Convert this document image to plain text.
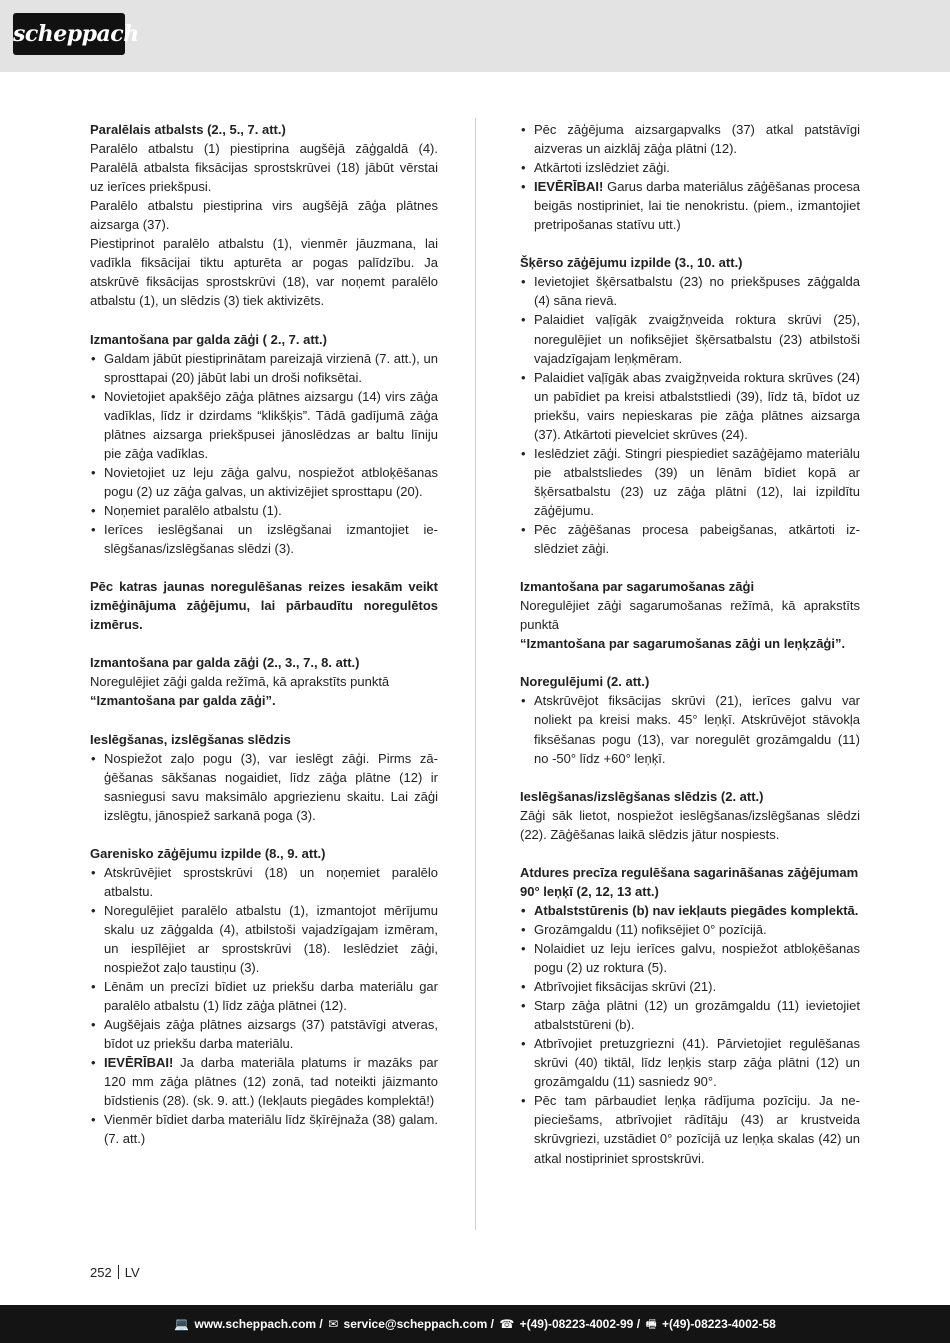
scheppach
Paralēlais atbalsts (2., 5., 7. att.)

Paralēlo atbalstu (1) piestiprina augšējā zāģgaldā (4). Paralēlā atbalsta fiksācijas sprostskrūvei (18) jābūt vērstai uz ierīces priekšpusi.

Paralēlo atbalstu piestiprina virs augšējā zāģa plātnes aizsarga (37).

Piestiprinot paralēlo atbalstu (1), vienmēr jāuzmana, lai vadīkla fiksācijai tiktu apturēta ar pogas palīdzību. Ja atskrūvē fiksācijas sprostskrūvi (18), var noņemt paralēlo atbalstu (1), un slēdzis (3) tiek aktivizēts.

Izmantošana par galda zāģi ( 2., 7. att.)
• Galdam jābūt piestiprinātam pareizajā virzienā (7. att.), un sprosttapai (20) jābūt labi un droši nofiksētai.
• Novietojiet apakšējo zāģa plātnes aizsargu (14) virs zāģa vadīklas, līdz ir dzirdams “klikšķis”. Tādā gadījumā zāģa plātnes aizsarga priekšpusei jānoslēdzas ar baltu līniju pie zāģa vadīklas.
• Novietojiet uz leju zāģa galvu, nospiežot atbloķēšanas pogu (2) uz zāģa galvas, un aktivizējiet sprosttapu (20).
• Noņemiet paralēlo atbalstu (1).
• Ierīces ieslēgšanai un izslēgšanai izmantojiet ieslēgšanas/izslēgšanas slēdzi (3).

Pēc katras jaunas noregulēšanas reizes iesakām veikt izmēģinājuma zāģējumu, lai pārbaudītu noregulētos izmērus.

Izmantošana par galda zāģi (2., 3., 7., 8. att.)

Noregulējiet zāģi galda režīmā, kā aprakstīts punktā

“Izmantošana par galda zāģi”.

Ieslēgšanas, izslēgšanas slēdzis
• Nospiežot zaļo pogu (3), var ieslēgt zāģi. Pirms zāģēšanas sākšanas nogaidiet, līdz zāģa plātne (12) ir sasniegusi savu maksimālo apgriezienu skaitu. Lai zāģi izslēgtu, jānospiež sarkanā poga (3).
Garenisko zāģējumu izpilde (8., 9. att.)
• Atskrūvējiet sprostskrūvi (18) un noņemiet paralēlo atbalstu.
• Noregulējiet paralēlo atbalstu (1), izmantojot mērījumu skalu uz zāģgalda (4), atbilstoši vajadzīgajam izmēram, un iespīlējiet ar sprostskrūvi (18). Ieslēdziet zāģi, nospiežot zaļo taustiņu (3).
• Lēnām un precīzi bīdiet uz priekšu darba materiālu gar paralēlo atbalstu (1) līdz zāģa plātnei (12).
• Augšējais zāģa plātnes aizsargs (37) patstāvīgi atveras, bīdot uz priekšu darba materiālu.
• IEVĒRĪBAI! Ja darba materiāla platums ir mazāks par 120 mm zāģa plātnes (12) zonā, tad noteikti jāizmanto bīdstienis (28). (sk. 9. att.) (Iekļauts piegādes komplektā!)
• Vienmēr bīdiet darba materiālu līdz šķīrējnaža (38) galam. (7. att.)
• Pēc zāģējuma aizsargapvalks (37) atkal patstāvīgi aizveras un aizklāj zāģa plātni (12).
• Atkārtoti izslēdziet zāģi.
• IEVĒRĪBAI! Garus darba materiālus zāģēšanas procesa beigās nostipriniet, lai tie nenokristu. (piem., izmantojiet pretripošanas statīvu utt.)
Šķērso zāģējumu izpilde (3., 10. att.)
• Ievietojiet šķērsatbalstu (23) no priekšpuses zāģgalda (4) sāna rievā.
• Palaidiet vaļīgāk zvaigžņveida roktura skrūvi (25), noregulējiet un nofiksējiet šķērsatbalstu (23) atbilstoši vajadzīgajam leņķmēram.
• Palaidiet vaļīgāk abas zvaigžņveida roktura skrūves (24) un pabīdiet pa kreisi atbalststliedi (39), līdz tā, bīdot uz priekšu, vairs nepieskaras pie zāģa plātnes aizsarga (37). Atkārtoti pievelciet skrūves (24).
• Ieslēdziet zāģi. Stingri piespiediet sazāģējamo materiālu pie atbalstsliedes (39) un lēnām bīdiet kopā ar šķērsatbalstu (23) uz zāģa plātni (12), lai izpildītu zāģējumu.
• Pēc zāģēšanas procesa pabeigšanas, atkārtoti izslēdziet zāģi.
Izmantošana par sagarumošanas zāģi

Noregulējiet zāģi sagarumošanas režīmā, kā aprakstīts punktā

“Izmantošana par sagarumošanas zāģi un leņķzāģi”.

Noregulējumi (2. att.)
• Atskrūvējot fiksācijas skrūvi (21), ierīces galvu var noliekt pa kreisi maks. 45° leņķī. Atskrūvējot stāvokļa fiksēšanas pogu (13), var noregulēt grozāmgaldu (11) no -50° līdz +60° leņķī.
Ieslēgšanas/izslēgšanas slēdzis (2. att.)

Zāģi sāk lietot, nospiežot ieslēgšanas/izslēgšanas slēdzi (22). Zāģēšanas laikā slēdzis jātur nospiests.

Atdures precīza regulēšana sagarināšanas zāģējumam 90° leņķī (2, 12, 13 att.)
• Atbalststūrenis (b) nav iekļauts piegādes komplektā.
• Grozāmgaldu (11) nofiksējiet 0° pozīcijā.
• Nolaidiet uz leju ierīces galvu, nospiežot atbloķēšanas pogu (2) uz roktura (5).
• Atbrīvojiet fiksācijas skrūvi (21).
• Starp zāģa plātni (12) un grozāmgaldu (11) ievietojiet atbalststūreni (b).
• Atbrīvojiet pretuzgriezni (41). Pārvietojiet regulēšanas skrūvi (40) tiktāl, līdz leņķis starp zāģa plātni (12) un grozāmgaldu (11) sasniedz 90°.
• Pēc tam pārbaudiet leņķa rādījuma pozīciju. Ja nepieciešams, atbrīvojiet rādītāju (43) ar krustveida skrūvgriezi, uzstādiet 0° pozīcijā uz leņķa skalas (42) un atkal nostipriniet sprostskrūvi.
252 LV
💻 www.scheppach.com / ✉ service@scheppach.com / ☎ +(49)-08223-4002-99 / 🖷 +(49)-08223-4002-58
